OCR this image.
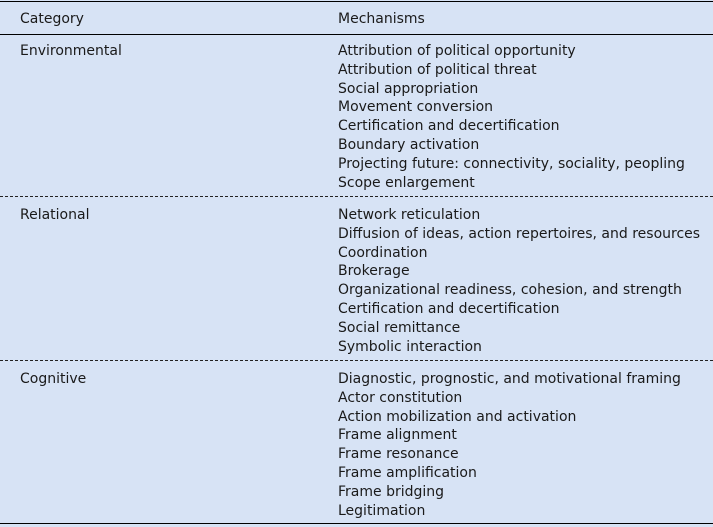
Category	Mechanisms
Environmental	Attribution of political opportunity
Attribution of political threat
Social appropriation
Movement conversion
Certification and decertification
Boundary activation
Projecting future: connectivity, sociality, peopling
Scope enlargement
Relational	Network reticulation
Diffusion of ideas, action repertoires, and resources
Coordination
Brokerage
Organizational readiness, cohesion, and strength
Certification and decertification
Social remittance
Symbolic interaction
Cognitive	Diagnostic, prognostic, and motivational framing
Actor constitution
Action mobilization and activation
Frame alignment
Frame resonance
Frame amplification
Frame bridging
Legitimation
